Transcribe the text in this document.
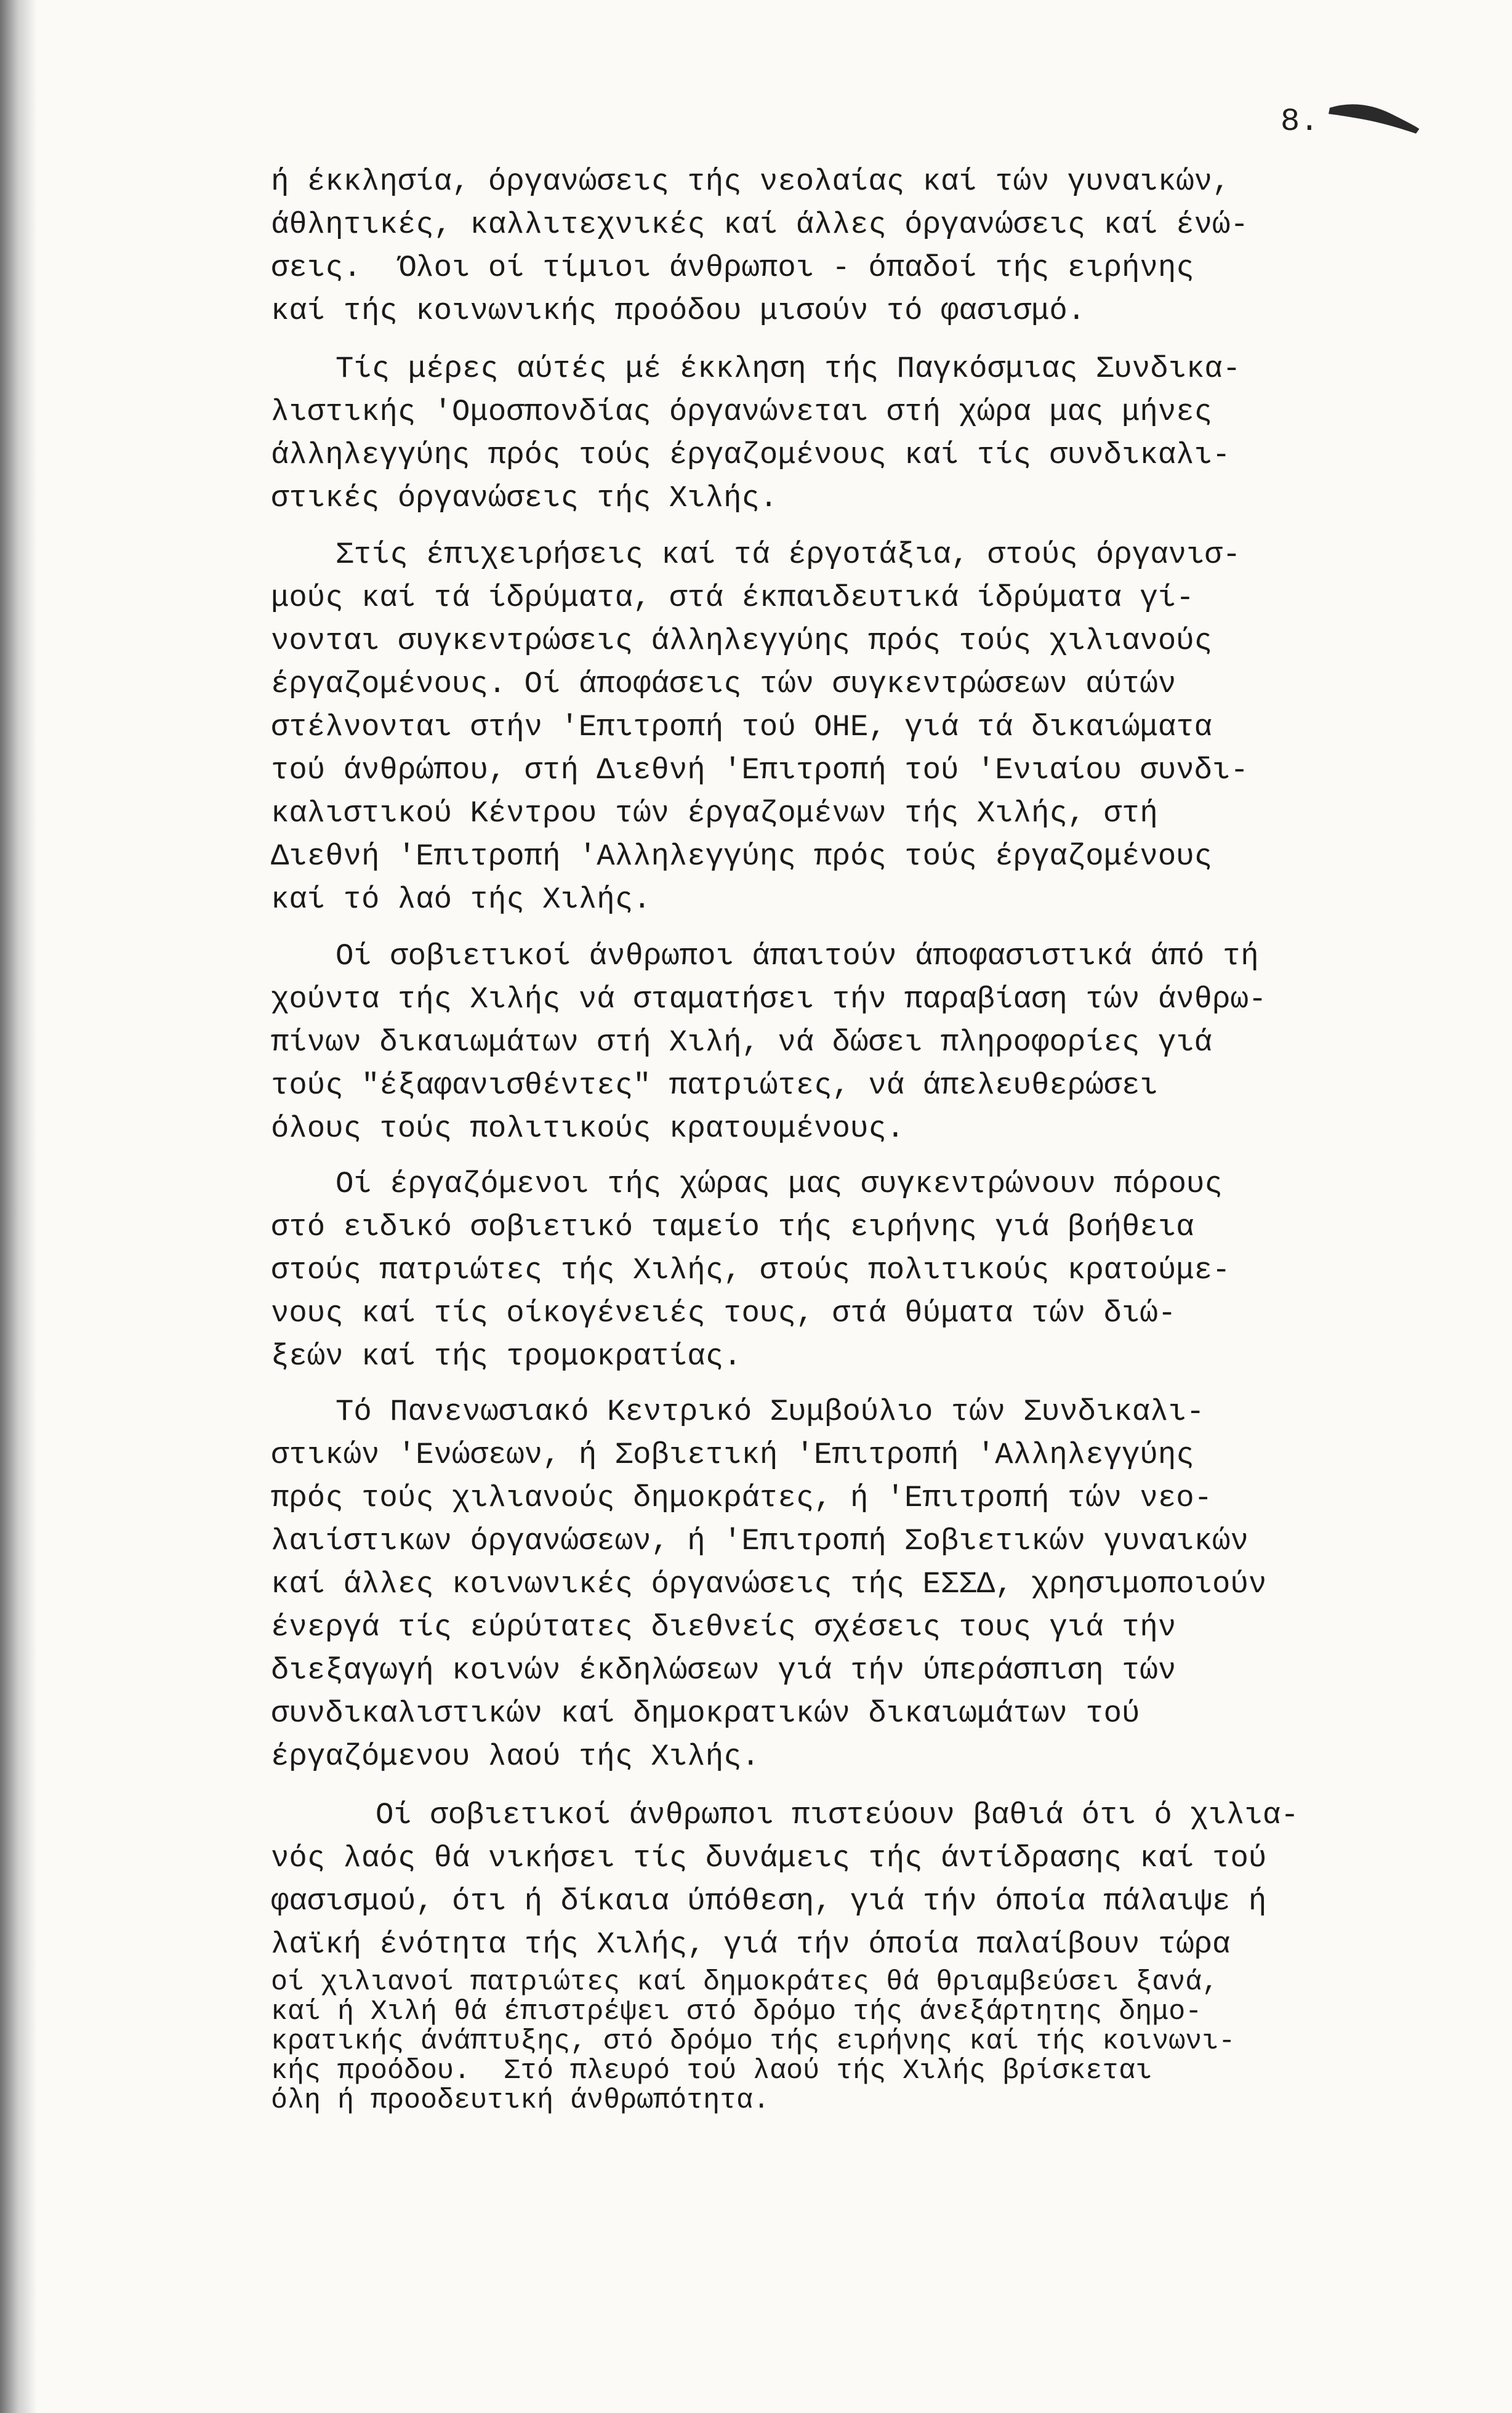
8.
ή έκκλησία, όργανώσεις τής νεολαίας καί τών γυναικών,
άθλητικές, καλλιτεχνικές καί άλλες όργανώσεις καί ένώ-
σεις.  Όλοι οί τίμιοι άνθρωποι - όπαδοί τής ειρήνης
καί τής κοινωνικής προόδου μισούν τό φασισμό.
Τίς μέρες αύτές μέ έκκληση τής Παγκόσμιας Συνδικα-
λιστικής 'Ομοσπονδίας όργανώνεται στή χώρα μας μήνες
άλληλεγγύης πρός τούς έργαζομένους καί τίς συνδικαλι-
στικές όργανώσεις τής Χιλής.
Στίς έπιχειρήσεις καί τά έργοτάξια, στούς όργανισ-
μούς καί τά ίδρύματα, στά έκπαιδευτικά ίδρύματα γί-
νονται συγκεντρώσεις άλληλεγγύης πρός τούς χιλιανούς
έργαζομένους. Οί άποφάσεις τών συγκεντρώσεων αύτών
στέλνονται στήν 'Επιτροπή τού ΟΗΕ, γιά τά δικαιώματα
τού άνθρώπου, στή Διεθνή 'Επιτροπή τού 'Ενιαίου συνδι-
καλιστικού Κέντρου τών έργαζομένων τής Χιλής, στή
Διεθνή 'Επιτροπή 'Αλληλεγγύης πρός τούς έργαζομένους
καί τό λαό τής Χιλής.
Οί σοβιετικοί άνθρωποι άπαιτούν άποφασιστικά άπό τή
χούντα τής Χιλής νά σταματήσει τήν παραβίαση τών άνθρω-
πίνων δικαιωμάτων στή Χιλή, νά δώσει πληροφορίες γιά
τούς "έξαφανισθέντες" πατριώτες, νά άπελευθερώσει
όλους τούς πολιτικούς κρατουμένους.
Οί έργαζόμενοι τής χώρας μας συγκεντρώνουν πόρους
στό ειδικό σοβιετικό ταμείο τής ειρήνης γιά βοήθεια
στούς πατριώτες τής Χιλής, στούς πολιτικούς κρατούμε-
νους καί τίς οίκογένειές τους, στά θύματα τών διώ-
ξεών καί τής τρομοκρατίας.
Τό Πανενωσιακό Κεντρικό Συμβούλιο τών Συνδικαλι-
στικών 'Ενώσεων, ή Σοβιετική 'Επιτροπή 'Αλληλεγγύης
πρός τούς χιλιανούς δημοκράτες, ή 'Επιτροπή τών νεο-
λαιίστικων όργανώσεων, ή 'Επιτροπή Σοβιετικών γυναικών
καί άλλες κοινωνικές όργανώσεις τής ΕΣΣΔ, χρησιμοποιούν
ένεργά τίς εύρύτατες διεθνείς σχέσεις τους γιά τήν
διεξαγωγή κοινών έκδηλώσεων γιά τήν ύπεράσπιση τών
συνδικαλιστικών καί δημοκρατικών δικαιωμάτων τού
έργαζόμενου λαού τής Χιλής.
Οί σοβιετικοί άνθρωποι πιστεύουν βαθιά ότι ό χιλια-
νός λαός θά νικήσει τίς δυνάμεις τής άντίδρασης καί τού
φασισμού, ότι ή δίκαια ύπόθεση, γιά τήν όποία πάλαιψε ή
λαϊκή ένότητα τής Χιλής, γιά τήν όποία παλαίβουν τώρα
οί χιλιανοί πατριώτες καί δημοκράτες θά θριαμβεύσει ξανά,
καί ή Χιλή θά έπιστρέψει στό δρόμο τής άνεξάρτητης δημο-
κρατικής άνάπτυξης, στό δρόμο τής ειρήνης καί τής κοινωνι-
κής προόδου.  Στό πλευρό τού λαού τής Χιλής βρίσκεται
όλη ή προοδευτική άνθρωπότητα.
